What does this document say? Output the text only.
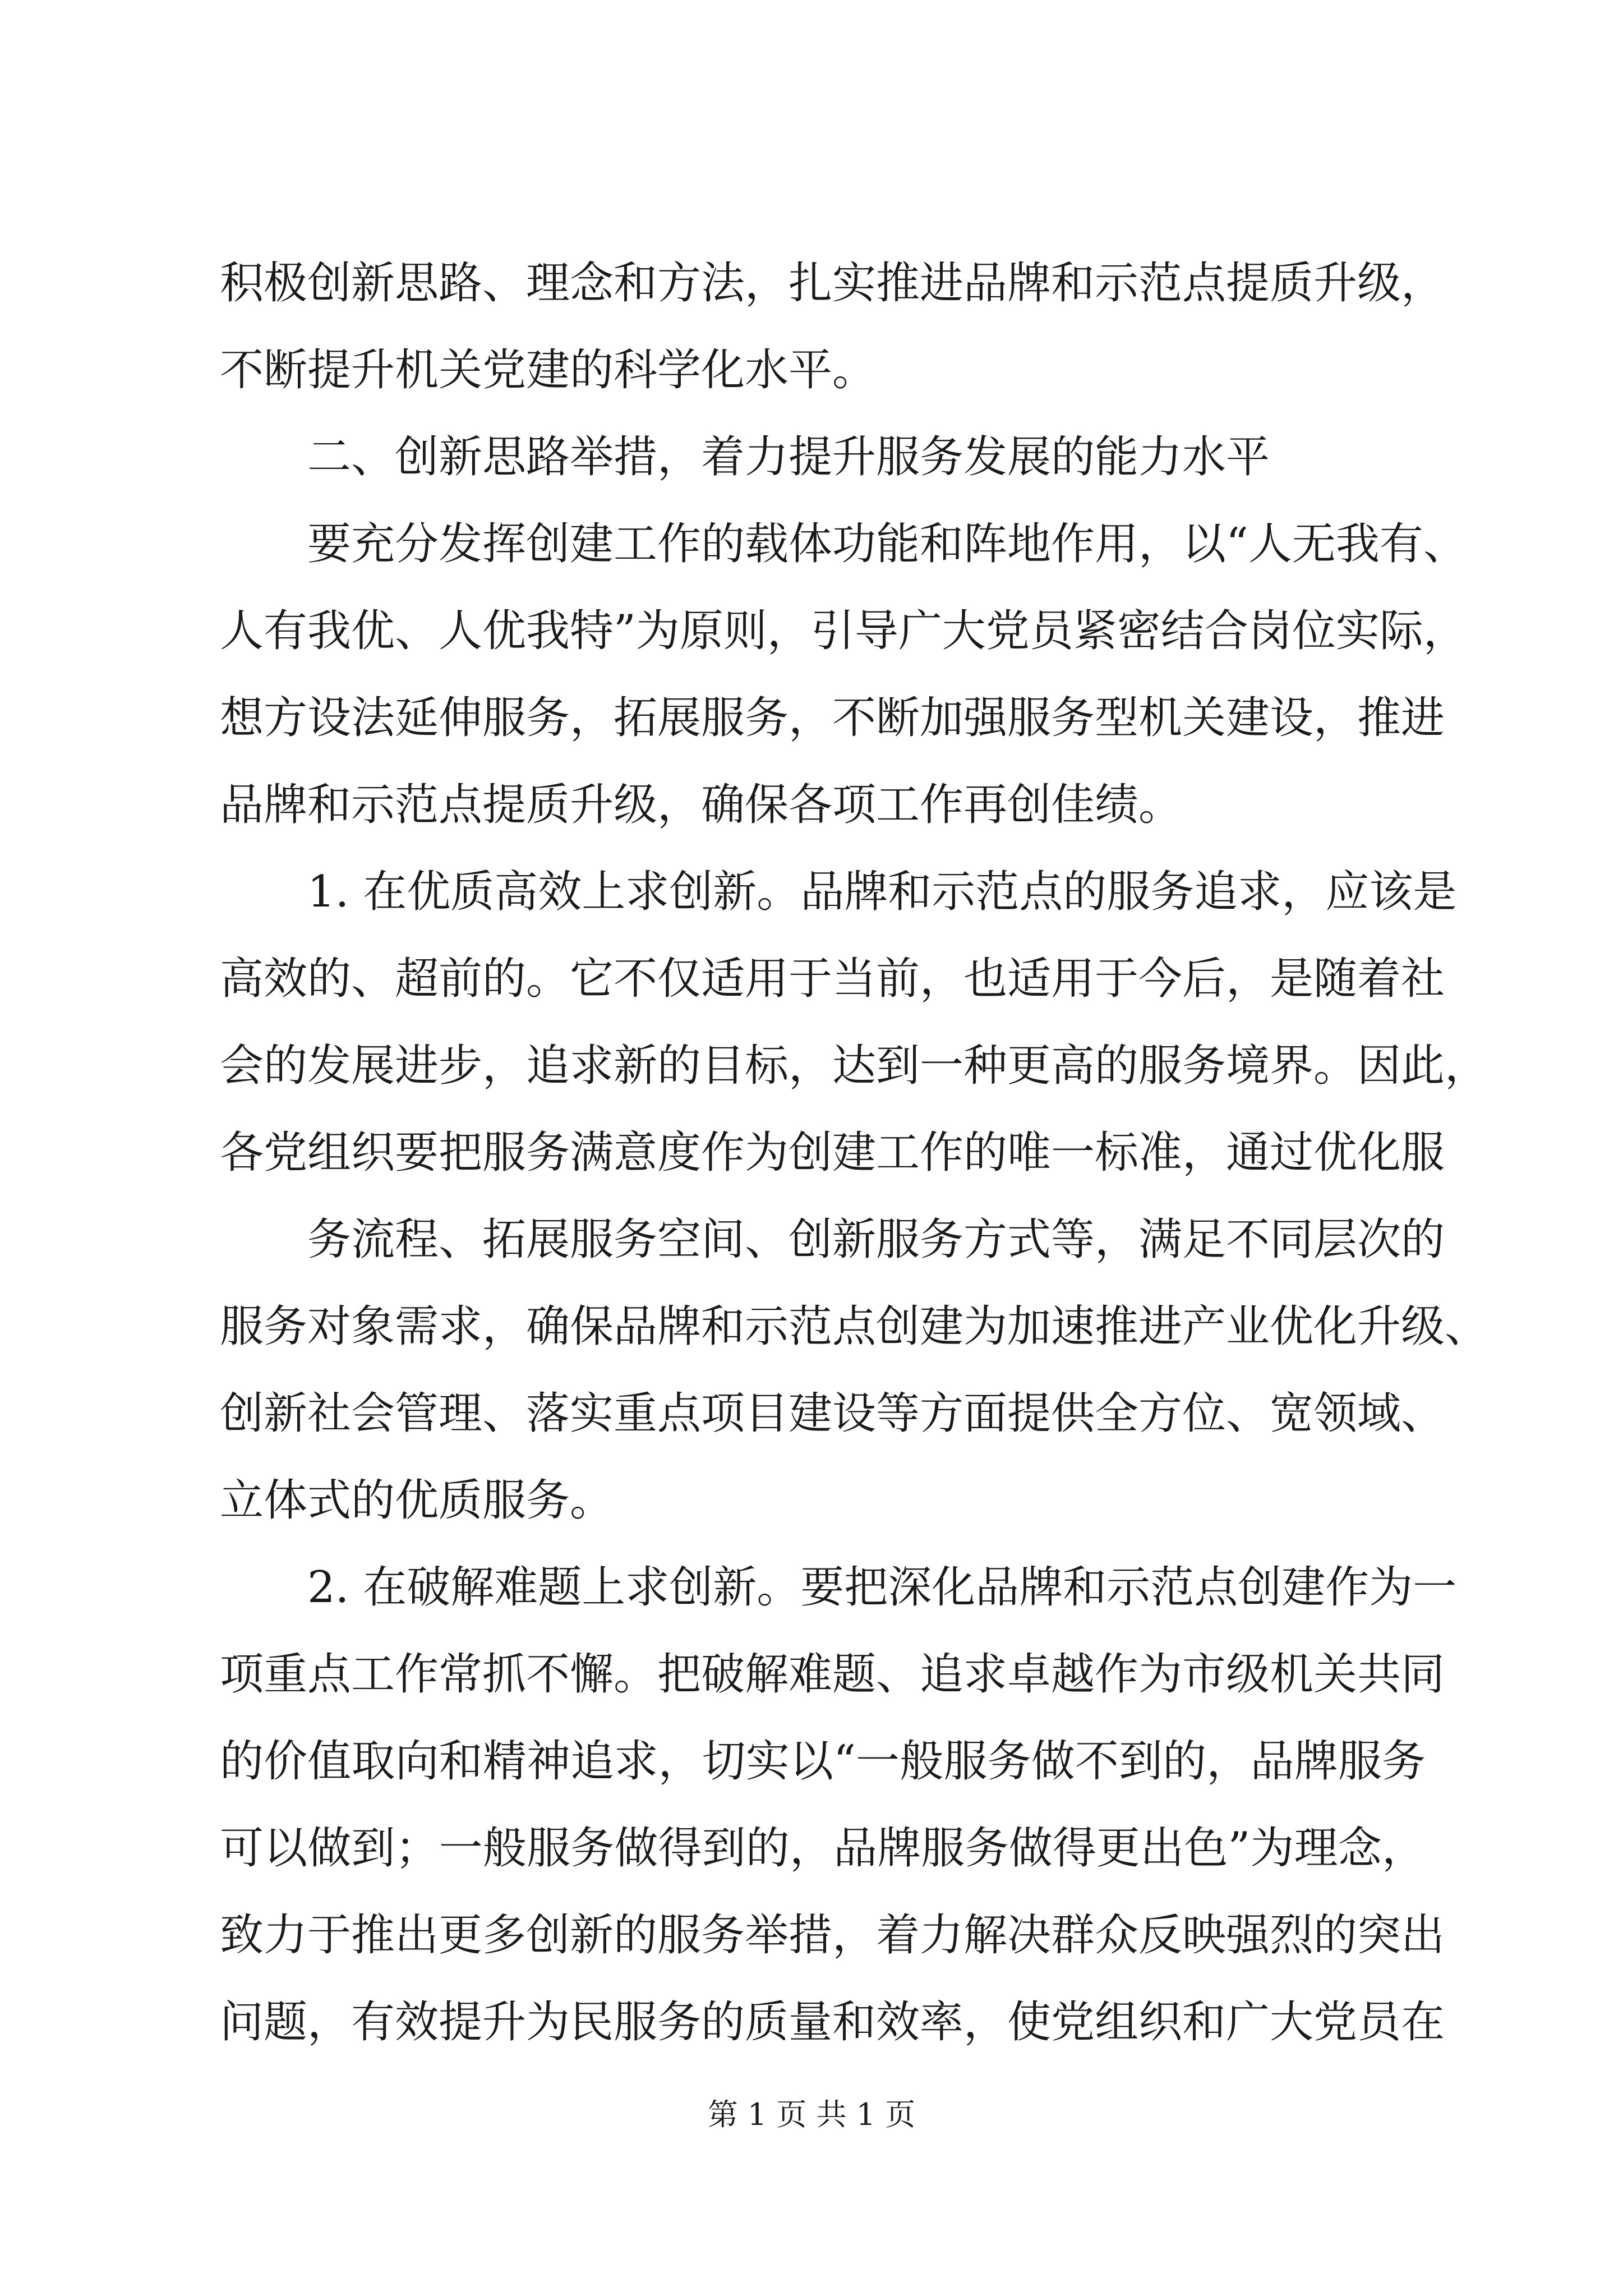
积极创新思路、理念和方法，扎实推进品牌和示范点提质升级，
不断提升机关党建的科学化水平。
二、创新思路举措，着力提升服务发展的能力水平
要充分发挥创建工作的载体功能和阵地作用，以“人无我有、
人有我优、人优我特”为原则，引导广大党员紧密结合岗位实际，
想方设法延伸服务，拓展服务，不断加强服务型机关建设，推进
品牌和示范点提质升级，确保各项工作再创佳绩。
1. 在优质高效上求创新。品牌和示范点的服务追求，应该是
高效的、超前的。它不仅适用于当前，也适用于今后，是随着社
会的发展进步，追求新的目标，达到一种更高的服务境界。因此，
各党组织要把服务满意度作为创建工作的唯一标准，通过优化服
务流程、拓展服务空间、创新服务方式等，满足不同层次的
服务对象需求，确保品牌和示范点创建为加速推进产业优化升级、
创新社会管理、落实重点项目建设等方面提供全方位、宽领域、
立体式的优质服务。
2. 在破解难题上求创新。要把深化品牌和示范点创建作为一
项重点工作常抓不懈。把破解难题、追求卓越作为市级机关共同
的价值取向和精神追求，切实以“一般服务做不到的，品牌服务
可以做到；一般服务做得到的，品牌服务做得更出色”为理念，
致力于推出更多创新的服务举措，着力解决群众反映强烈的突出
问题，有效提升为民服务的质量和效率，使党组织和广大党员在
第 1 页 共 1 页
